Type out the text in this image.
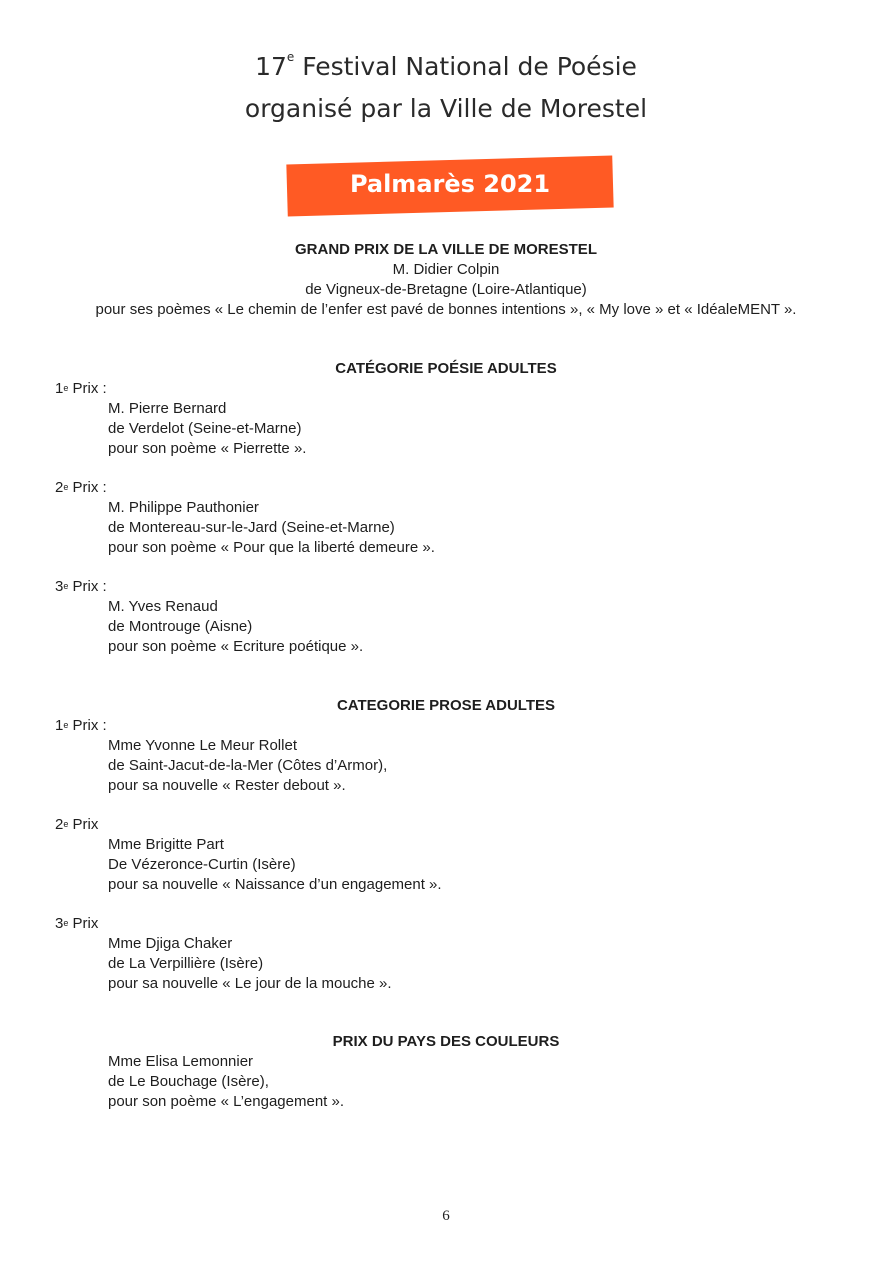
17e Festival National de Poésie
organisé par la Ville de Morestel
Palmarès 2021
GRAND PRIX DE LA VILLE DE MORESTEL
M. Didier Colpin
de Vigneux-de-Bretagne (Loire-Atlantique)
pour ses poèmes « Le chemin de l’enfer est pavé de bonnes intentions », « My love » et « IdéaleMENT ».
CATÉGORIE POÉSIE ADULTES
1e Prix :
M. Pierre Bernard
de Verdelot (Seine-et-Marne)
pour son poème « Pierrette ».
2e Prix :
M. Philippe Pauthonier
de Montereau-sur-le-Jard (Seine-et-Marne)
pour son poème « Pour que la liberté demeure ».
3e Prix :
M. Yves Renaud
de Montrouge (Aisne)
pour son poème « Ecriture poétique ».
CATEGORIE PROSE ADULTES
1e Prix :
Mme Yvonne Le Meur Rollet
de Saint-Jacut-de-la-Mer (Côtes d’Armor),
pour sa nouvelle « Rester debout ».
2e Prix
Mme Brigitte Part
De Vézeronce-Curtin (Isère)
pour sa nouvelle « Naissance d’un engagement ».
3e Prix
Mme Djiga Chaker
de La Verpillière (Isère)
pour sa nouvelle « Le jour de la mouche ».
PRIX DU PAYS DES COULEURS
Mme Elisa Lemonnier
de Le Bouchage (Isère),
pour son poème « L’engagement ».
6
